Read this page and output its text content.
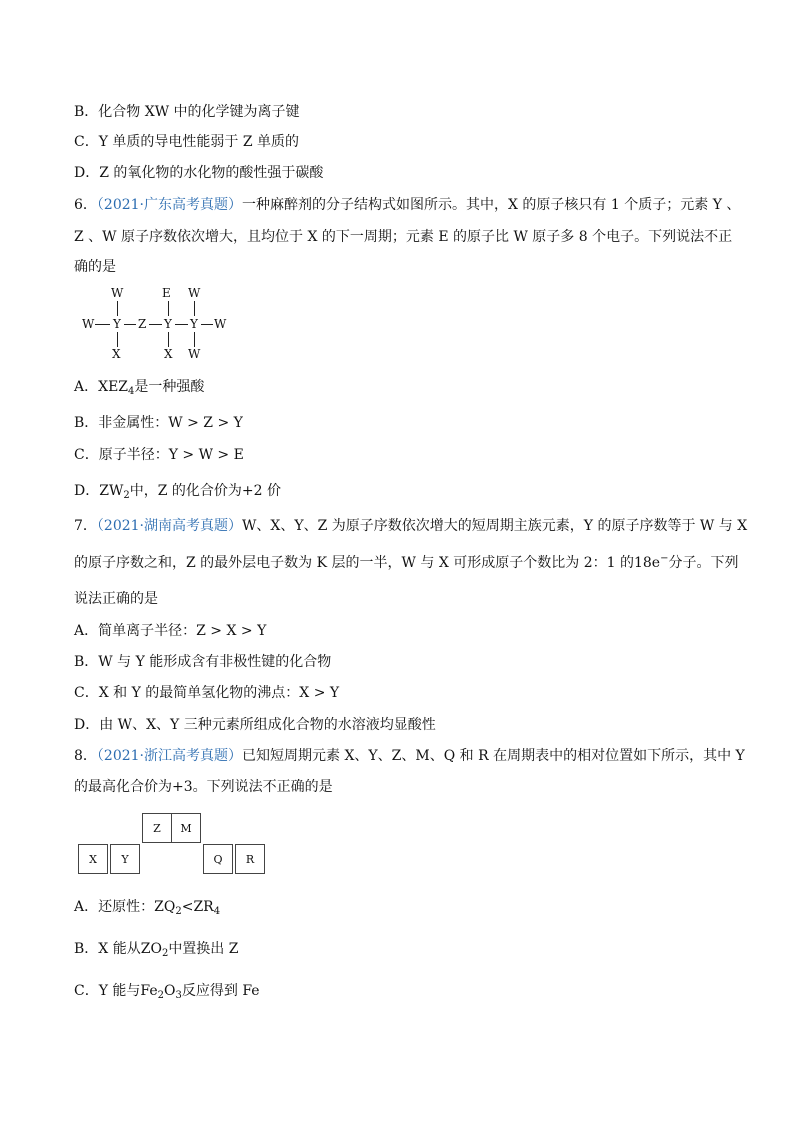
B．化合物 XW 中的化学键为离子键
C．Y 单质的导电性能弱于 Z 单质的
D．Z 的氧化物的水化物的酸性强于碳酸
6．（2021·广东高考真题）一种麻醉剂的分子结构式如图所示。其中，X 的原子核只有 1 个质子；元素 Y 、
Z 、W 原子序数依次增大，且均位于 X 的下一周期；元素 E 的原子比 W 原子多 8 个电子。下列说法不正
确的是
W	E W
W Y Z Y Y W
X	X W
A．$XEZ_4$是一种强酸
B．非金属性：W > Z > Y
C．原子半径：Y > W > E
D．$ZW_2$中，Z 的化合价为+2 价
7．（2021·湖南高考真题）W、X、Y、Z 为原子序数依次增大的短周期主族元素，Y 的原子序数等于 W 与 X
的原子序数之和，Z 的最外层电子数为 K 层的一半，W 与 X 可形成原子个数比为 2：1 的18e−分子。下列
说法正确的是
A．简单离子半径：Z > X > Y
B．W 与 Y 能形成含有非极性键的化合物
C．X 和 Y 的最简单氢化物的沸点：X > Y
D．由 W、X、Y 三种元素所组成化合物的水溶液均显酸性
8．（2021·浙江高考真题）已知短周期元素 X、Y、Z、M、Q 和 R 在周期表中的相对位置如下所示，其中 Y
的最高化合价为+3。下列说法不正确的是
Z	M
X	Y	Q	R
A．还原性：$ZQ_2<ZR_4$
B．X 能从$ZO_2$中置换出 Z
C．Y 能与$Fe_2O_3$反应得到 Fe
